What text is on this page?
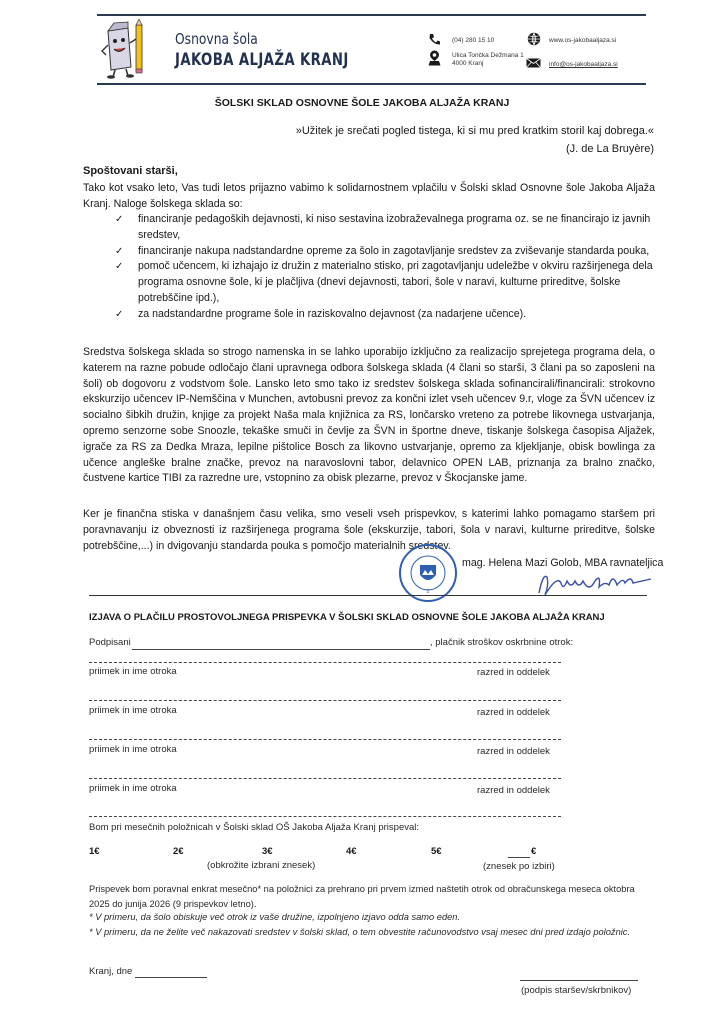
Osnovna šola
JAKOBA ALJAŽA KRANJ
(04) 280 15 10
Ulica Tončka Dežmana 1
4000 Kranj
www.os-jakobaaljaza.si
info@os-jakobaaljaza.si
ŠOLSKI SKLAD OSNOVNE ŠOLE JAKOBA ALJAŽA KRANJ
»Užitek je srečati pogled tistega, ki si mu pred kratkim storil kaj dobrega.«
(J. de La Bruyère)
Spoštovani starši,
Tako kot vsako leto, Vas tudi letos prijazno vabimo k solidarnostnem vplačilu v Šolski sklad Osnovne šole Jakoba Aljaža Kranj. Naloge šolskega sklada so:
✓ financiranje pedagoških dejavnosti, ki niso sestavina izobraževalnega programa oz. se ne financirajo iz javnih sredstev,
✓ financiranje nakupa nadstandardne opreme za šolo in zagotavljanje sredstev za zviševanje standarda pouka,
✓ pomoč učencem, ki izhajajo iz družin z materialno stisko, pri zagotavljanju udeležbe v okviru razširjenega dela programa osnovne šole, ki je plačljiva (dnevi dejavnosti, tabori, šole v naravi, kulturne prireditve, šolske potrebščine ipd.),
✓ za nadstandardne programe šole in raziskovalno dejavnost (za nadarjene učence).
Sredstva šolskega sklada so strogo namenska in se lahko uporabijo izključno za realizacijo sprejetega programa dela, o katerem na razne pobude odločajo člani upravnega odbora šolskega sklada (4 člani so starši, 3 člani pa so zaposleni na šoli) ob dogovoru z vodstvom šole. Lansko leto smo tako iz sredstev šolskega sklada sofinancirali/financirali: strokovno ekskurzijo učencev IP-Nemščina v Munchen, avtobusni prevoz za končni izlet vseh učencev 9.r, vloge za ŠVN učencev iz socialno šibkih družin, knjige za projekt Naša mala knjižnica za RS, lončarsko vreteno za potrebe likovnega ustvarjanja, opremo senzorne sobe Snoozle, tekaške smuči in čevlje za ŠVN in športne dneve, tiskanje šolskega časopisa Aljažek, igrače za RS za Dedka Mraza, lepilne pištolice Bosch za likovno ustvarjanje, opremo za kljekljanje, obisk bowlinga za učence angleške bralne značke, prevoz na naravoslovni tabor, delavnico OPEN LAB, priznanja za bralno značko, čustvene kartice TIBI za razredne ure, vstopnino za obisk plezarne, prevoz v Škocjanske jame.
Ker je finančna stiska v današnjem času velika, smo veseli vseh prispevkov, s katerimi lahko pomagamo staršem pri poravnavanju iz obveznosti iz razširjenega programa šole (ekskurzije, tabori, šola v naravi, kulturne prireditve, šolske potrebščine,...) in dvigovanju standarda pouka s pomočjo materialnih sredstev.
2
mag. Helena Mazi Golob, MBA ravnateljica
IZJAVA O PLAČILU PROSTOVOLJNEGA PRISPEVKA V ŠOLSKI SKLAD OSNOVNE ŠOLE JAKOBA ALJAŽA KRANJ
Podpisani	, plačnik stroškov oskrbnine otrok:
priimek in ime otroka	razred in oddelek
priimek in ime otroka	razred in oddelek
priimek in ime otroka	razred in oddelek
priimek in ime otroka	razred in oddelek
Bom pri mesečnih položnicah v Šolski sklad OŠ Jakoba Aljaža Kranj prispeval:
1€	2€	3€	4€	5€	€
(obkrožite izbrani znesek)	(znesek po izbiri)
Prispevek bom poravnal enkrat mesečno* na položnici za prehrano pri prvem izmed naštetih otrok od obračunskega meseca oktobra 2025 do junija 2026 (9 prispevkov letno).
* V primeru, da šolo obiskuje več otrok iz vaše družine, izpolnjeno izjavo odda samo eden.
* V primeru, da ne želite več nakazovati sredstev v šolski sklad, o tem obvestite računovodstvo vsaj mesec dni pred izdajo položnic.
Kranj, dne
(podpis staršev/skrbnikov)
